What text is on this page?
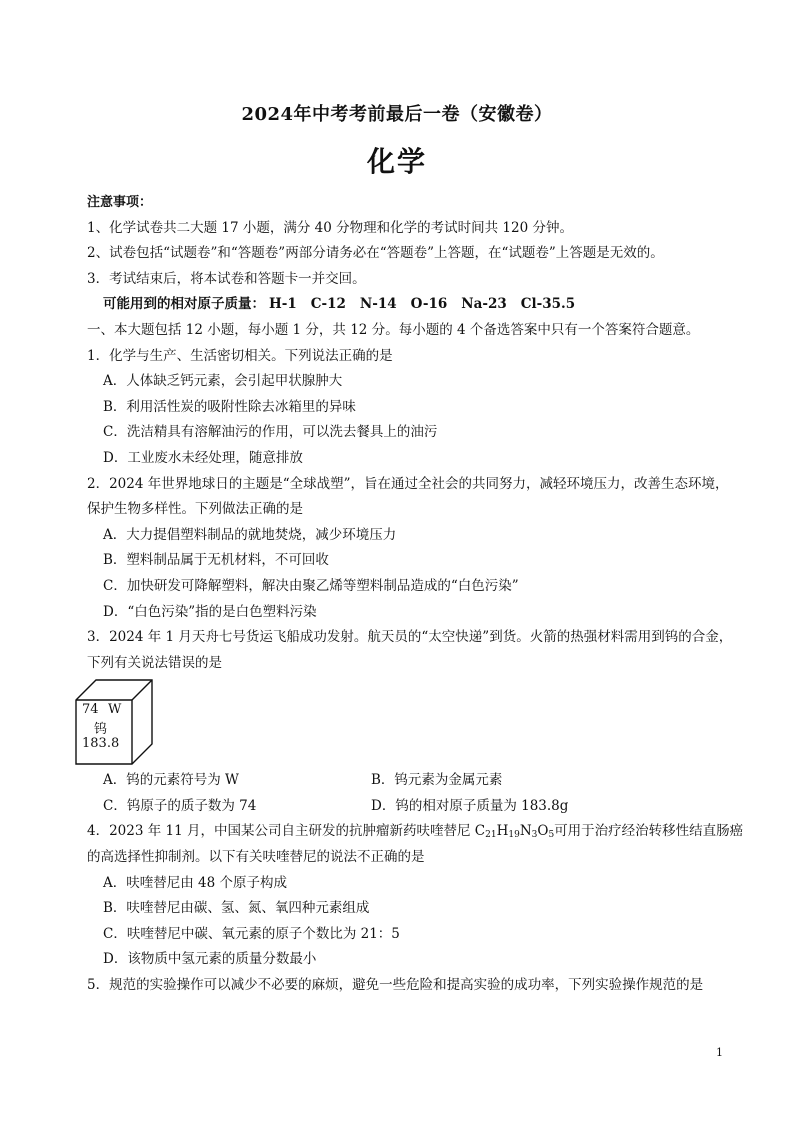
2024年中考考前最后一卷（安徽卷）
化学
注意事项：
1、化学试卷共二大题 17 小题，满分 40 分物理和化学的考试时间共 120 分钟。
2、试卷包括“试题卷”和“答题卷”两部分请务必在“答题卷”上答题，在“试题卷”上答题是无效的。
3．考试结束后，将本试卷和答题卡一并交回。
可能用到的相对原子质量： H-1 C-12 N-14 O-16 Na-23 Cl-35.5
一、本大题包括 12 小题，每小题 1 分，共 12 分。每小题的 4 个备选答案中只有一个答案符合题意。
1．化学与生产、生活密切相关。下列说法正确的是
A．人体缺乏钙元素，会引起甲状腺肿大
B．利用活性炭的吸附性除去冰箱里的异味
C．洗洁精具有溶解油污的作用，可以洗去餐具上的油污
D．工业废水未经处理，随意排放
2．2024 年世界地球日的主题是“全球战塑”，旨在通过全社会的共同努力，减轻环境压力，改善生态环境，
保护生物多样性。下列做法正确的是
A．大力提倡塑料制品的就地焚烧，减少环境压力
B．塑料制品属于无机材料，不可回收
C．加快研发可降解塑料，解决由聚乙烯等塑料制品造成的“白色污染”
D．“白色污染”指的是白色塑料污染
3．2024 年 1 月天舟七号货运飞船成功发射。航天员的“太空快递”到货。火箭的热强材料需用到钨的合金，
下列有关说法错误的是
74 W
钨
183.8
A．钨的元素符号为 W	B．钨元素为金属元素
C．钨原子的质子数为 74	D．钨的相对原子质量为 183.8g
4．2023 年 11 月，中国某公司自主研发的抗肿瘤新药呋喹替尼 $C_{21}H_{19}N_3O_5$可用于治疗经治转移性结直肠癌
的高选择性抑制剂。以下有关呋喹替尼的说法不正确的是
A．呋喹替尼由 48 个原子构成
B．呋喹替尼由碳、氢、氮、氧四种元素组成
C．呋喹替尼中碳、氧元素的原子个数比为 21：5
D．该物质中氢元素的质量分数最小
5．规范的实验操作可以减少不必要的麻烦，避免一些危险和提高实验的成功率，下列实验操作规范的是
1
